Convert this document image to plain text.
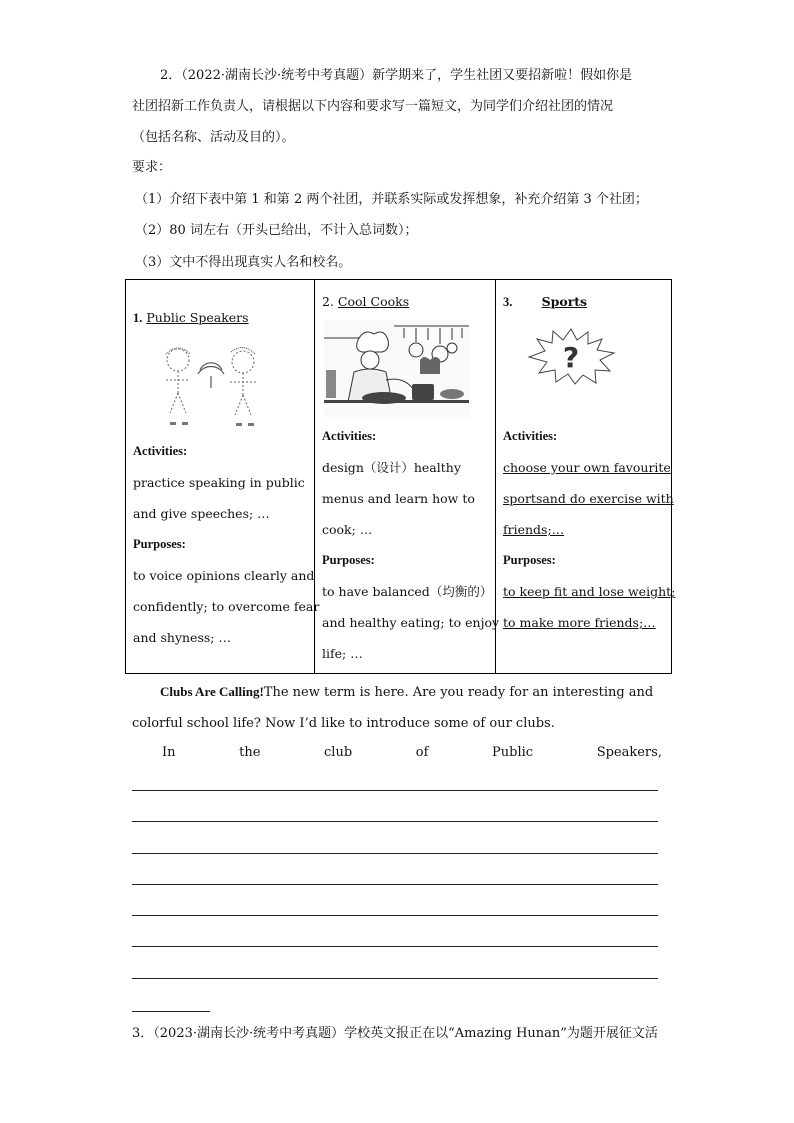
2．（2022·湖南长沙·统考中考真题）新学期来了，学生社团又要招新啦！假如你是
社团招新工作负责人，请根据以下内容和要求写一篇短文，为同学们介绍社团的情况
（包括名称、活动及目的）。
要求：
（1）介绍下表中第 1 和第 2 两个社团，并联系实际或发挥想象，补充介绍第 3 个社团；
（2）80 词左右（开头已给出，不计入总词数）；
（3）文中不得出现真实人名和校名。
1. Public Speakers
Activities:
practice speaking in public
and give speeches; …
Purposes:
to voice opinions clearly and
confidently; to overcome fear
and shyness; …

2. Cool Cooks
Activities:
design（设计）healthy
menus and learn how to
cook; …
Purposes:
to have balanced（均衡的）
and healthy eating; to enjoy
life; …

3. Sports
?
Activities:
choose your own favourite
sportsand do exercise with
friends;…
Purposes:
to keep fit and lose weight;
to make more friends;…
Clubs Are Calling!The new term is here. Are you ready for an interesting and colorful school life? Now I’d like to introduce some of our clubs.
In	the	club	of	Public	Speakers,
3．（2023·湖南长沙·统考中考真题）学校英文报正在以“Amazing Hunan”为题开展征文活
